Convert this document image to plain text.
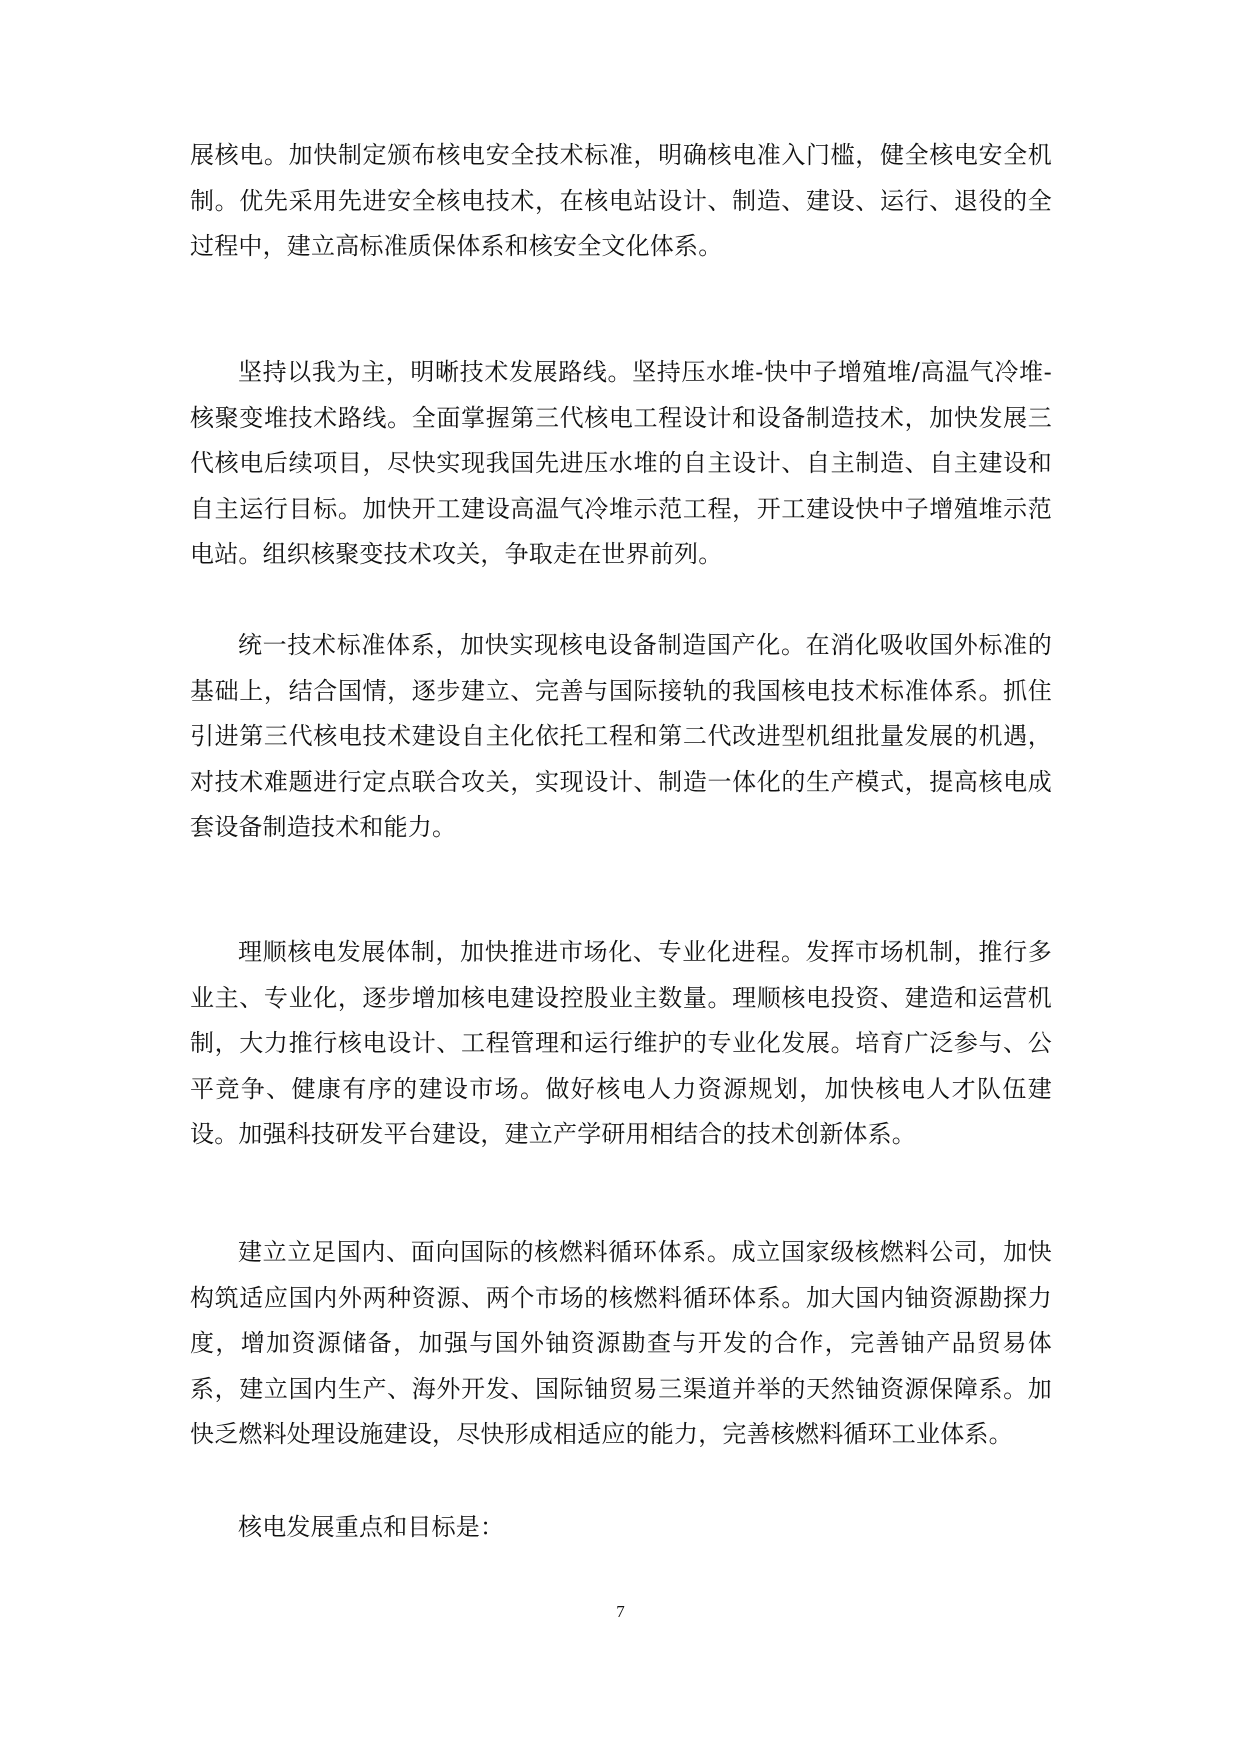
展核电。加快制定颁布核电安全技术标准，明确核电准入门槛，健全核电安全机制。优先采用先进安全核电技术，在核电站设计、制造、建设、运行、退役的全过程中，建立高标准质保体系和核安全文化体系。

坚持以我为主，明晰技术发展路线。坚持压水堆-快中子增殖堆/高温气冷堆-核聚变堆技术路线。全面掌握第三代核电工程设计和设备制造技术，加快发展三代核电后续项目，尽快实现我国先进压水堆的自主设计、自主制造、自主建设和自主运行目标。加快开工建设高温气冷堆示范工程，开工建设快中子增殖堆示范电站。组织核聚变技术攻关，争取走在世界前列。

统一技术标准体系，加快实现核电设备制造国产化。在消化吸收国外标准的基础上，结合国情，逐步建立、完善与国际接轨的我国核电技术标准体系。抓住引进第三代核电技术建设自主化依托工程和第二代改进型机组批量发展的机遇，对技术难题进行定点联合攻关，实现设计、制造一体化的生产模式，提高核电成套设备制造技术和能力。

理顺核电发展体制，加快推进市场化、专业化进程。发挥市场机制，推行多业主、专业化，逐步增加核电建设控股业主数量。理顺核电投资、建造和运营机制，大力推行核电设计、工程管理和运行维护的专业化发展。培育广泛参与、公平竞争、健康有序的建设市场。做好核电人力资源规划，加快核电人才队伍建设。加强科技研发平台建设，建立产学研用相结合的技术创新体系。

建立立足国内、面向国际的核燃料循环体系。成立国家级核燃料公司，加快构筑适应国内外两种资源、两个市场的核燃料循环体系。加大国内铀资源勘探力度，增加资源储备，加强与国外铀资源勘查与开发的合作，完善铀产品贸易体系，建立国内生产、海外开发、国际铀贸易三渠道并举的天然铀资源保障系。加快乏燃料处理设施建设，尽快形成相适应的能力，完善核燃料循环工业体系。

核电发展重点和目标是：

7
